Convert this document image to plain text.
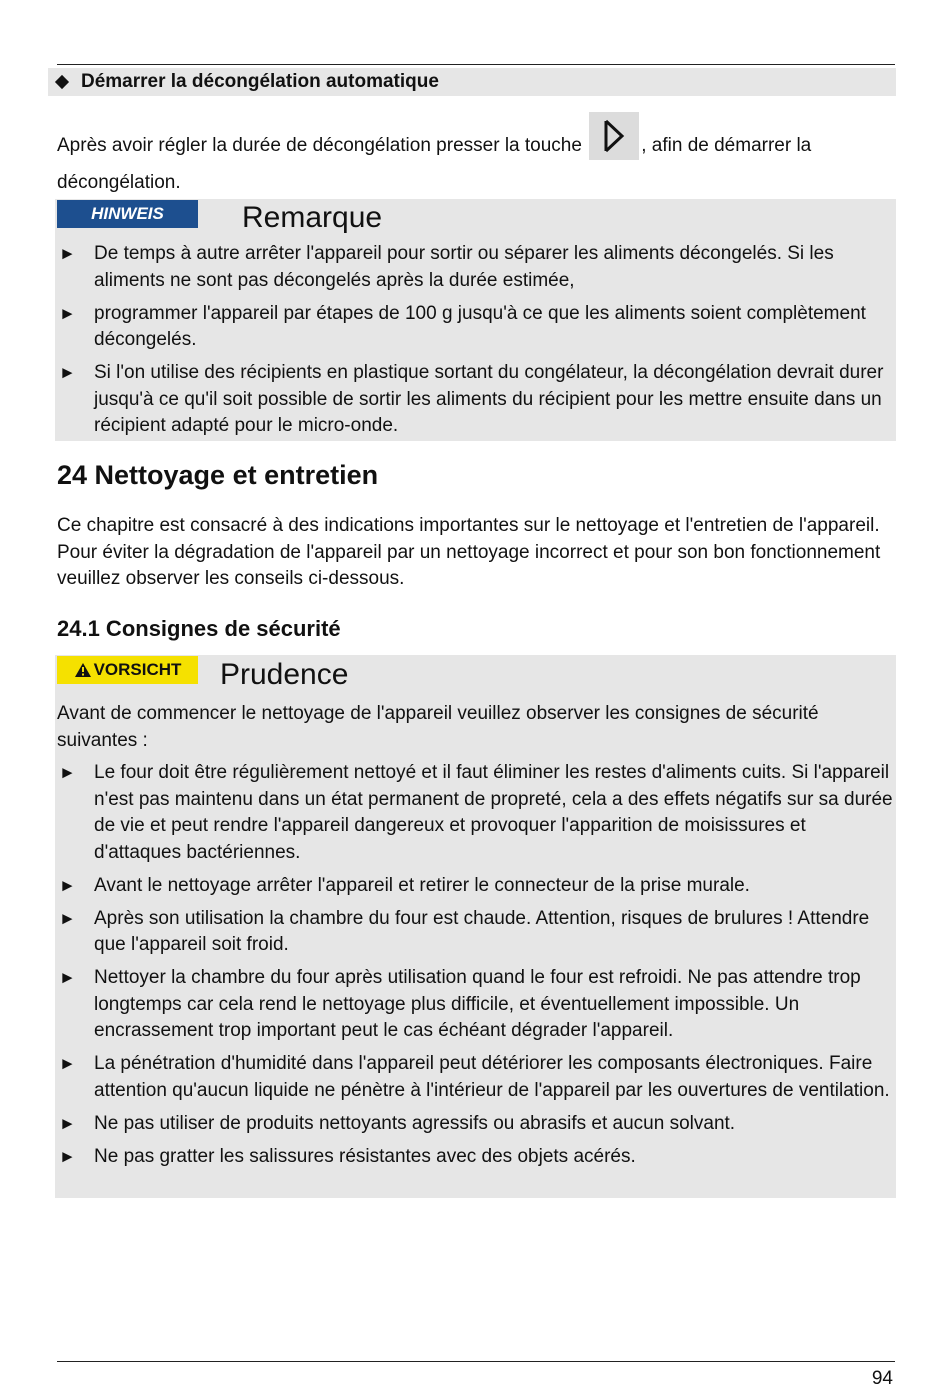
Démarrer la décongélation automatique

Après avoir régler la durée de décongélation presser la touche	, afin de démarrer la décongélation.

HINWEIS	Remarque
► De temps à autre arrêter l'appareil pour sortir ou séparer les aliments décongelés. Si les aliments ne sont pas décongelés après la durée estimée,
► programmer l'appareil par étapes de 100 g jusqu'à ce que les aliments soient complètement décongelés.
► Si l'on utilise des récipients en plastique sortant du congélateur, la décongélation devrait durer jusqu'à ce qu'il soit possible de sortir les aliments du récipient pour les mettre ensuite dans un récipient adapté pour le micro-onde.
24 Nettoyage et entretien

Ce chapitre est consacré à des indications importantes sur le nettoyage et l'entretien de l'appareil. Pour éviter la dégradation de l'appareil par un nettoyage incorrect et pour son bon fonctionnement veuillez observer les conseils ci-dessous.

24.1 Consignes de sécurité
VORSICHT Prudence

Avant de commencer le nettoyage de l'appareil veuillez observer les consignes de sécurité suivantes :

► Le four doit être régulièrement nettoyé et il faut éliminer les restes d'aliments cuits. Si l'appareil n'est pas maintenu dans un état permanent de propreté, cela a des effets négatifs sur sa durée de vie et peut rendre l'appareil dangereux et provoquer l'apparition de moisissures et d'attaques bactériennes.
► Avant le nettoyage arrêter l'appareil et retirer le connecteur de la prise murale.
► Après son utilisation la chambre du four est chaude. Attention, risques de brulures ! Attendre que l'appareil soit froid.
► Nettoyer la chambre du four après utilisation quand le four est refroidi. Ne pas attendre trop longtemps car cela rend le nettoyage plus difficile, et éventuellement impossible. Un encrassement trop important peut le cas échéant dégrader l'appareil.
► La pénétration d'humidité dans l'appareil peut détériorer les composants électroniques. Faire attention qu'aucun liquide ne pénètre à l'intérieur de l'appareil par les ouvertures de ventilation.
► Ne pas utiliser de produits nettoyants agressifs ou abrasifs et aucun solvant.
► Ne pas gratter les salissures résistantes avec des objets acérés.
94
